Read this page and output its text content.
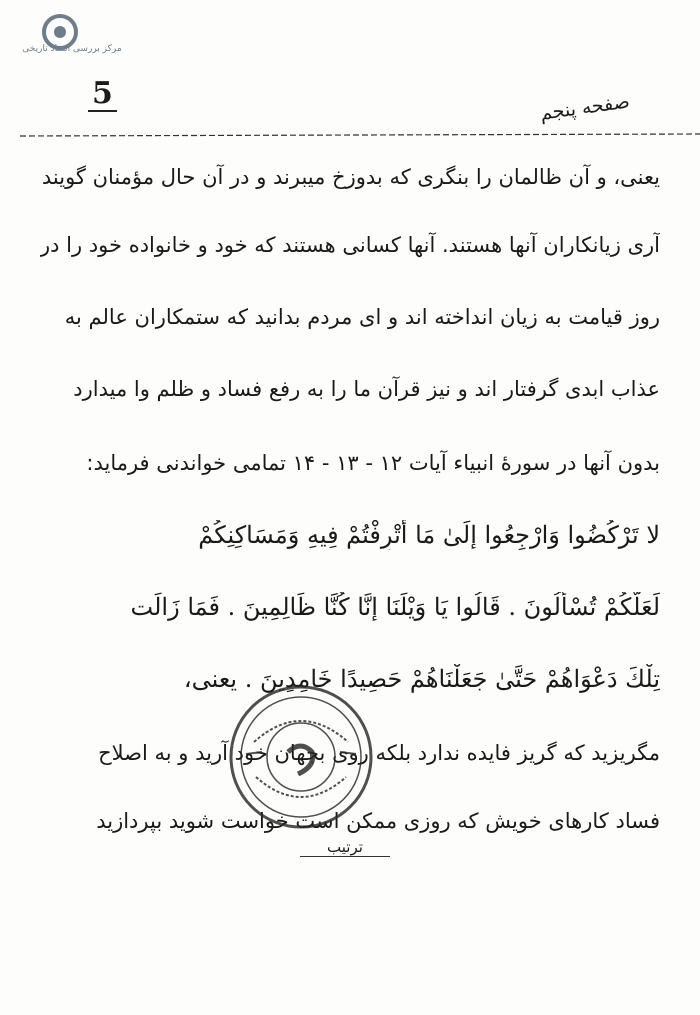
مرکز بررسی اسناد تاریخی
5	صفحه پنجم
یعنی، و آن ظالمان را بنگری که بدوزخ میبرند و در آن حال مؤمنان گویند
آری زیانکاران آنها هستند. آنها کسانی هستند که خود و خانواده خود را در
روز قیامت به زیان انداخته اند و ای مردم بدانید که ستمکاران عالم به
عذاب ابدی گرفتار ‌اند و نیز قرآن ما را به رفع فساد و ظلم وا میدارد
بدون آنها در سورۀ انبیاء آیات ۱۲ - ۱۳ - ۱۴ تمامی خواندنی فرماید:
لا تَرْکُضُوا وَارْجِعُوا إِلَىٰ مَا أُتْرِفْتُمْ فِيهِ وَمَسَاكِنِكُمْ
لَعَلَّكُمْ تُسْأَلُونَ . قَالُوا يَا وَيْلَنَا إِنَّا كُنَّا ظَالِمِينَ . فَمَا زَالَت
تِلْكَ دَعْوَاهُمْ حَتَّىٰ جَعَلْنَاهُمْ حَصِيدًا خَامِدِينَ . یعنی،
مگریزید که گریز فایده ندارد بلکه روی بجهان خود آرید و به اصلاح
فساد کارهای خویش که روزی ممکن است خواست شوید بپردازید
ترتیب
